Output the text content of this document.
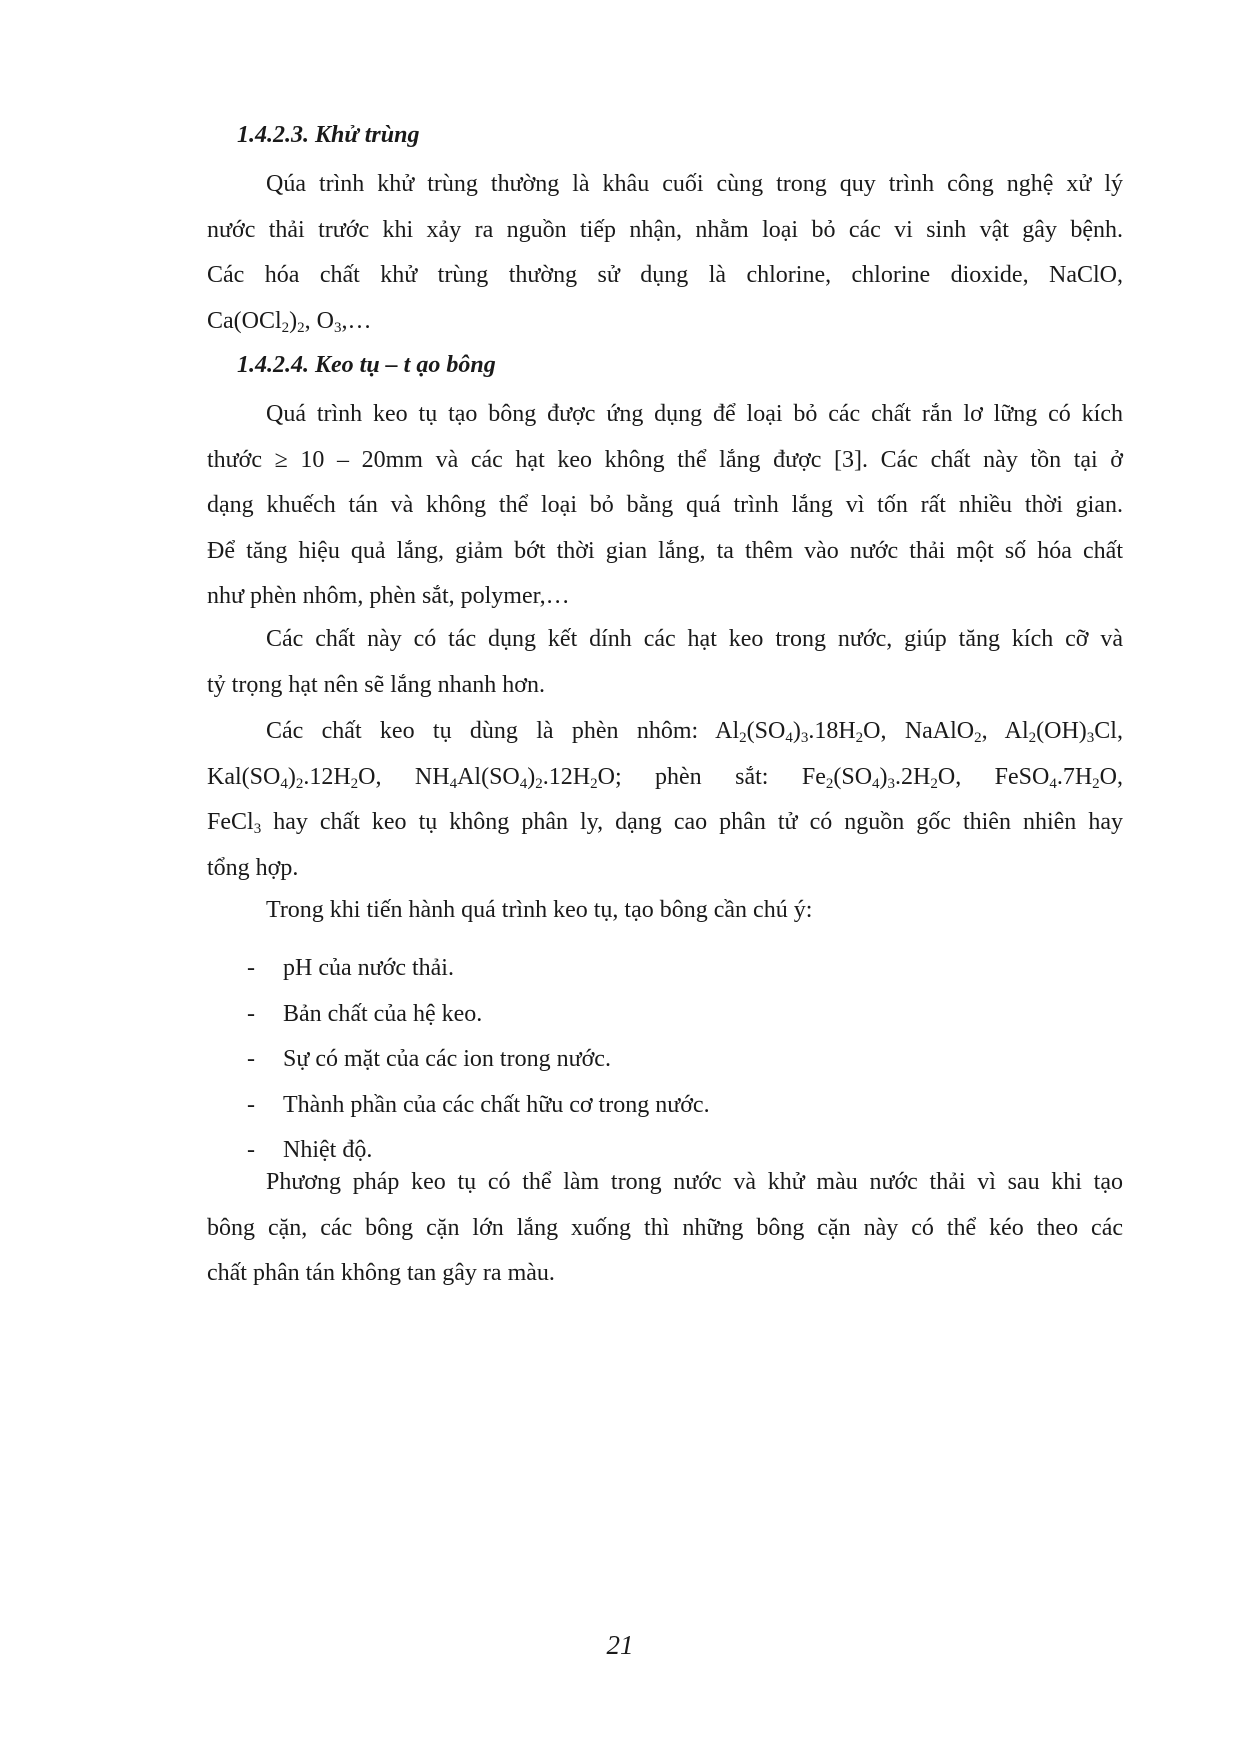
1.4.2.3. Khử trùng
Qúa trình khử trùng thường là khâu cuối cùng trong quy trình công nghệ xử lý
nước thải trước khi xảy ra nguồn tiếp nhận, nhằm loại bỏ các vi sinh vật gây bệnh.
Các hóa chất khử trùng thường sử dụng là chlorine, chlorine dioxide, NaClO,
$Ca(OCl_2)_2$, $O_3,\dots$
1.4.2.4. Keo tụ – t ạo bông
Quá trình keo tụ tạo bông được ứng dụng để loại bỏ các chất rắn lơ lững có kích
thước ≥ 10 – 20mm và các hạt keo không thể lắng được [3]. Các chất này tồn tại ở
dạng khuếch tán và không thể loại bỏ bằng quá trình lắng vì tốn rất nhiều thời gian.
Để tăng hiệu quả lắng, giảm bớt thời gian lắng, ta thêm vào nước thải một số hóa chất
như phèn nhôm, phèn sắt, polymer,…
Các chất này có tác dụng kết dính các hạt keo trong nước, giúp tăng kích cỡ và
tỷ trọng hạt nên sẽ lắng nhanh hơn.
Các chất keo tụ dùng là phèn nhôm: $Al_2(SO_4)_3.18H_2O$, NaAlO$_2$, $Al_2(OH)_3Cl$,
$Kal(SO_4)_2.12H_2O$, $NH_4Al(SO_4)_2.12H_2O$; phèn sắt: $Fe_2(SO_4)_3.2H_2O$, $FeSO_4.7H_2O$,
FeCl$_3$ hay chất keo tụ không phân ly, dạng cao phân tử có nguồn gốc thiên nhiên hay
tổng hợp.
Trong khi tiến hành quá trình keo tụ, tạo bông cần chú ý:
- pH của nước thải.
- Bản chất của hệ keo.
- Sự có mặt của các ion trong nước.
- Thành phần của các chất hữu cơ trong nước.
- Nhiệt độ.
Phương pháp keo tụ có thể làm trong nước và khử màu nước thải vì sau khi tạo
bông cặn, các bông cặn lớn lắng xuống thì những bông cặn này có thể kéo theo các
chất phân tán không tan gây ra màu.
21
